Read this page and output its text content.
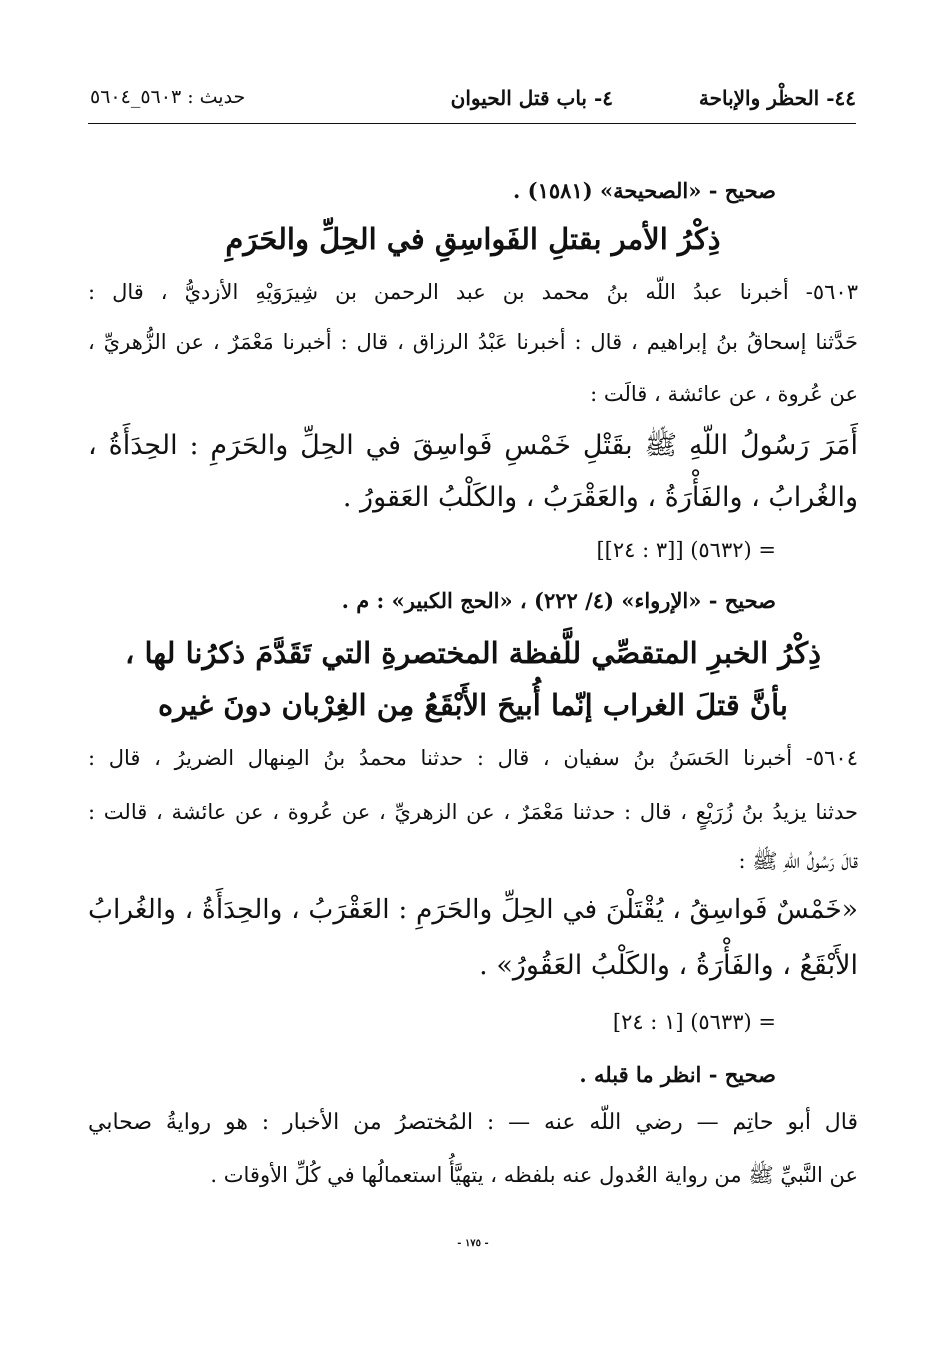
٤٤- الحظْر والإباحة
٤- باب قتل الحيوان
حديث : ٥٦٠٣_٥٦٠٤
صحيح - «الصحيحة» (١٥٨١) .
ذِكْرُ الأمر بقتلِ الفَواسِقِ في الحِلِّ والحَرَمِ
٥٦٠٣- أخبرنا عبدُ اللّه بنُ محمد بن عبد الرحمن بن شِيرَوَيْهِ الأزديُّ ، قال :
حَدَّثنا إسحاقُ بنُ إبراهيم ، قال : أخبرنا عَبْدُ الرزاق ، قال : أخبرنا مَعْمَرٌ ، عن الزُّهريِّ ،
عن عُروة ، عن عائشة ، قالَت :
أَمَرَ رَسُولُ اللّهِ ﷺ بقَتْلِ خَمْسِ فَواسِقَ في الحِلِّ والحَرَمِ : الحِدَأَةُ ،
والغُرابُ ، والفَأْرَةُ ، والعَقْرَبُ ، والكَلْبُ العَقورُ .
= (٥٦٣٢) [[٣ : ٢٤]]
صحيح - «الإرواء» (٤/ ٢٢٢) ، «الحج الكبير» : م .
ذِكْرُ الخبرِ المتقصِّي للَّفظة المختصرةِ التي تَقَدَّمَ ذكرُنا لها ،
بأنَّ قتلَ الغراب إنّما أُبيحَ الأَبْقَعُ مِن الغِرْبان دونَ غيره
٥٦٠٤- أخبرنا الحَسَنُ بنُ سفيان ، قال : حدثنا محمدُ بنُ المِنهال الضريرُ ، قال :
حدثنا يزيدُ بنُ زُرَيْعٍ ، قال : حدثنا مَعْمَرٌ ، عن الزهريِّ ، عن عُروة ، عن عائشة ، قالت :
قالَ رَسُولُ اللّهِ ﷺ :
«خَمْسٌ فَواسِقُ ، يُقْتَلْنَ في الحِلِّ والحَرَمِ : العَقْرَبُ ، والحِدَأَةُ ، والغُرابُ
الأَبْقَعُ ، والفَأْرَةُ ، والكَلْبُ العَقُورُ» .
= (٥٦٣٣) [١ : ٢٤]
صحيح - انظر ما قبله .
قال أبو حاتِم — رضي اللّه عنه — : المُختصرُ من الأخبار : هو روايةُ صحابي
عن النَّبيِّ ﷺ من رواية العُدول عنه بلفظه ، يتهيَّأُ استعمالُها في كُلِّ الأوقات .
- ١٧٥ -
